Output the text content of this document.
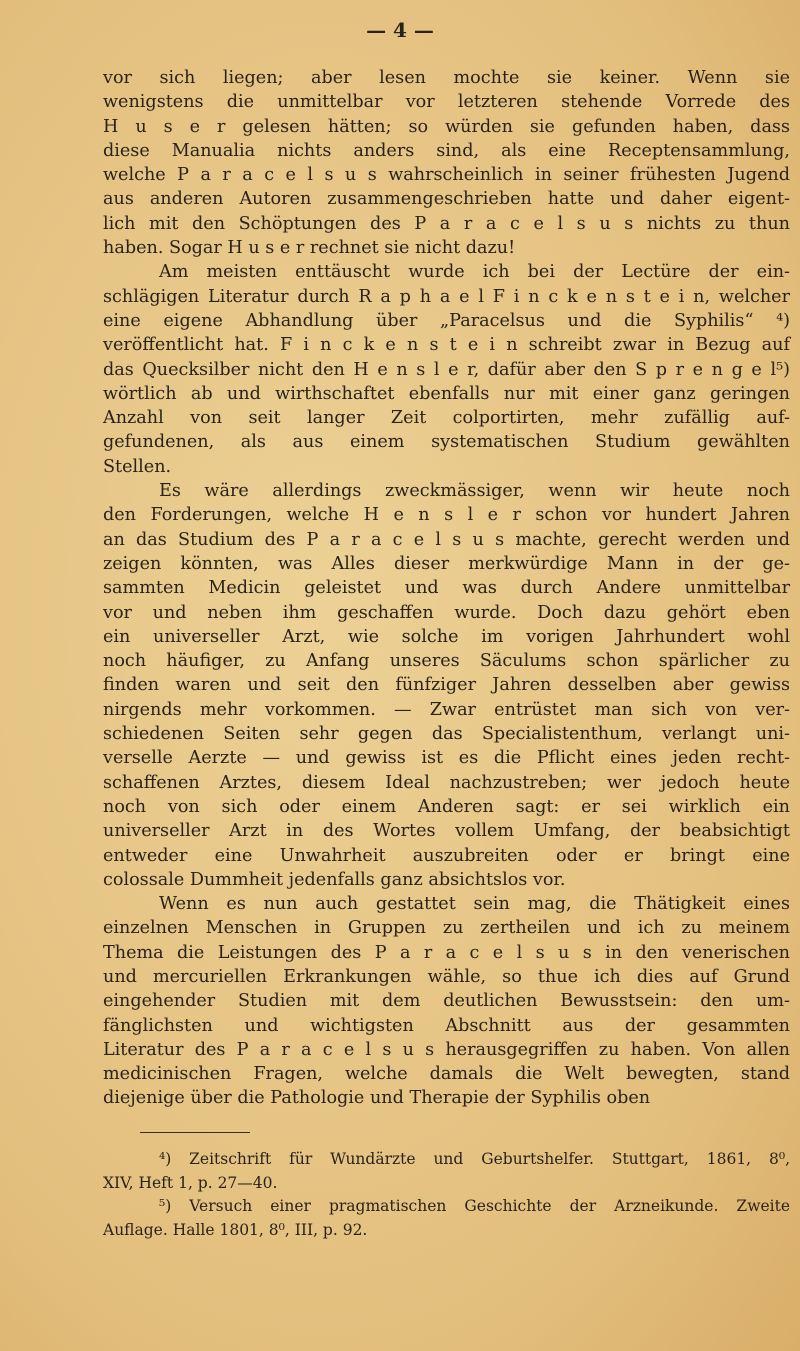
— 4 —
vor sich liegen; aber lesen mochte sie keiner. Wenn sie
wenigstens die unmittelbar vor letzteren stehende Vorrede des
H u s e r gelesen hätten; so würden sie gefunden haben, dass
diese Manualia nichts anders sind, als eine Receptensammlung,
welche P a r a c e l s u s wahrscheinlich in seiner frühesten Jugend
aus anderen Autoren zusammengeschrieben hatte und daher eigent-
lich mit den Schöptungen des P a r a c e l s u s nichts zu thun
haben. Sogar H u s e r rechnet sie nicht dazu!
Am meisten enttäuscht wurde ich bei der Lectüre der ein-
schlägigen Literatur durch R a p h a e l F i n c k e n s t e i n, welcher
eine eigene Abhandlung über „Paracelsus und die Syphilis“ ⁴)
veröffentlicht hat. F i n c k e n s t e i n schreibt zwar in Bezug auf
das Quecksilber nicht den H e n s l e r, dafür aber den S p r e n g e l⁵)
wörtlich ab und wirthschaftet ebenfalls nur mit einer ganz geringen
Anzahl von seit langer Zeit colportirten, mehr zufällig auf-
gefundenen, als aus einem systematischen Studium gewählten
Stellen.
Es wäre allerdings zweckmässiger, wenn wir heute noch
den Forderungen, welche H e n s l e r schon vor hundert Jahren
an das Studium des P a r a c e l s u s machte, gerecht werden und
zeigen könnten, was Alles dieser merkwürdige Mann in der ge-
sammten Medicin geleistet und was durch Andere unmittelbar
vor und neben ihm geschaffen wurde. Doch dazu gehört eben
ein universeller Arzt, wie solche im vorigen Jahrhundert wohl
noch häufiger, zu Anfang unseres Säculums schon spärlicher zu
finden waren und seit den fünfziger Jahren desselben aber gewiss
nirgends mehr vorkommen. — Zwar entrüstet man sich von ver-
schiedenen Seiten sehr gegen das Specialistenthum, verlangt uni-
verselle Aerzte — und gewiss ist es die Pflicht eines jeden recht-
schaffenen Arztes, diesem Ideal nachzustreben; wer jedoch heute
noch von sich oder einem Anderen sagt: er sei wirklich ein
universeller Arzt in des Wortes vollem Umfang, der beabsichtigt
entweder eine Unwahrheit auszubreiten oder er bringt eine
colossale Dummheit jedenfalls ganz absichtslos vor.
Wenn es nun auch gestattet sein mag, die Thätigkeit eines
einzelnen Menschen in Gruppen zu zertheilen und ich zu meinem
Thema die Leistungen des P a r a c e l s u s in den venerischen
und mercuriellen Erkrankungen wähle, so thue ich dies auf Grund
eingehender Studien mit dem deutlichen Bewusstsein: den um-
fänglichsten und wichtigsten Abschnitt aus der gesammten
Literatur des P a r a c e l s u s herausgegriffen zu haben. Von allen
medicinischen Fragen, welche damals die Welt bewegten, stand
diejenige über die Pathologie und Therapie der Syphilis oben
⁴) Zeitschrift für Wundärzte und Geburtshelfer. Stuttgart, 1861, 8⁰,
XIV, Heft 1, p. 27—40.
⁵) Versuch einer pragmatischen Geschichte der Arzneikunde. Zweite
Auflage. Halle 1801, 8⁰, III, p. 92.
